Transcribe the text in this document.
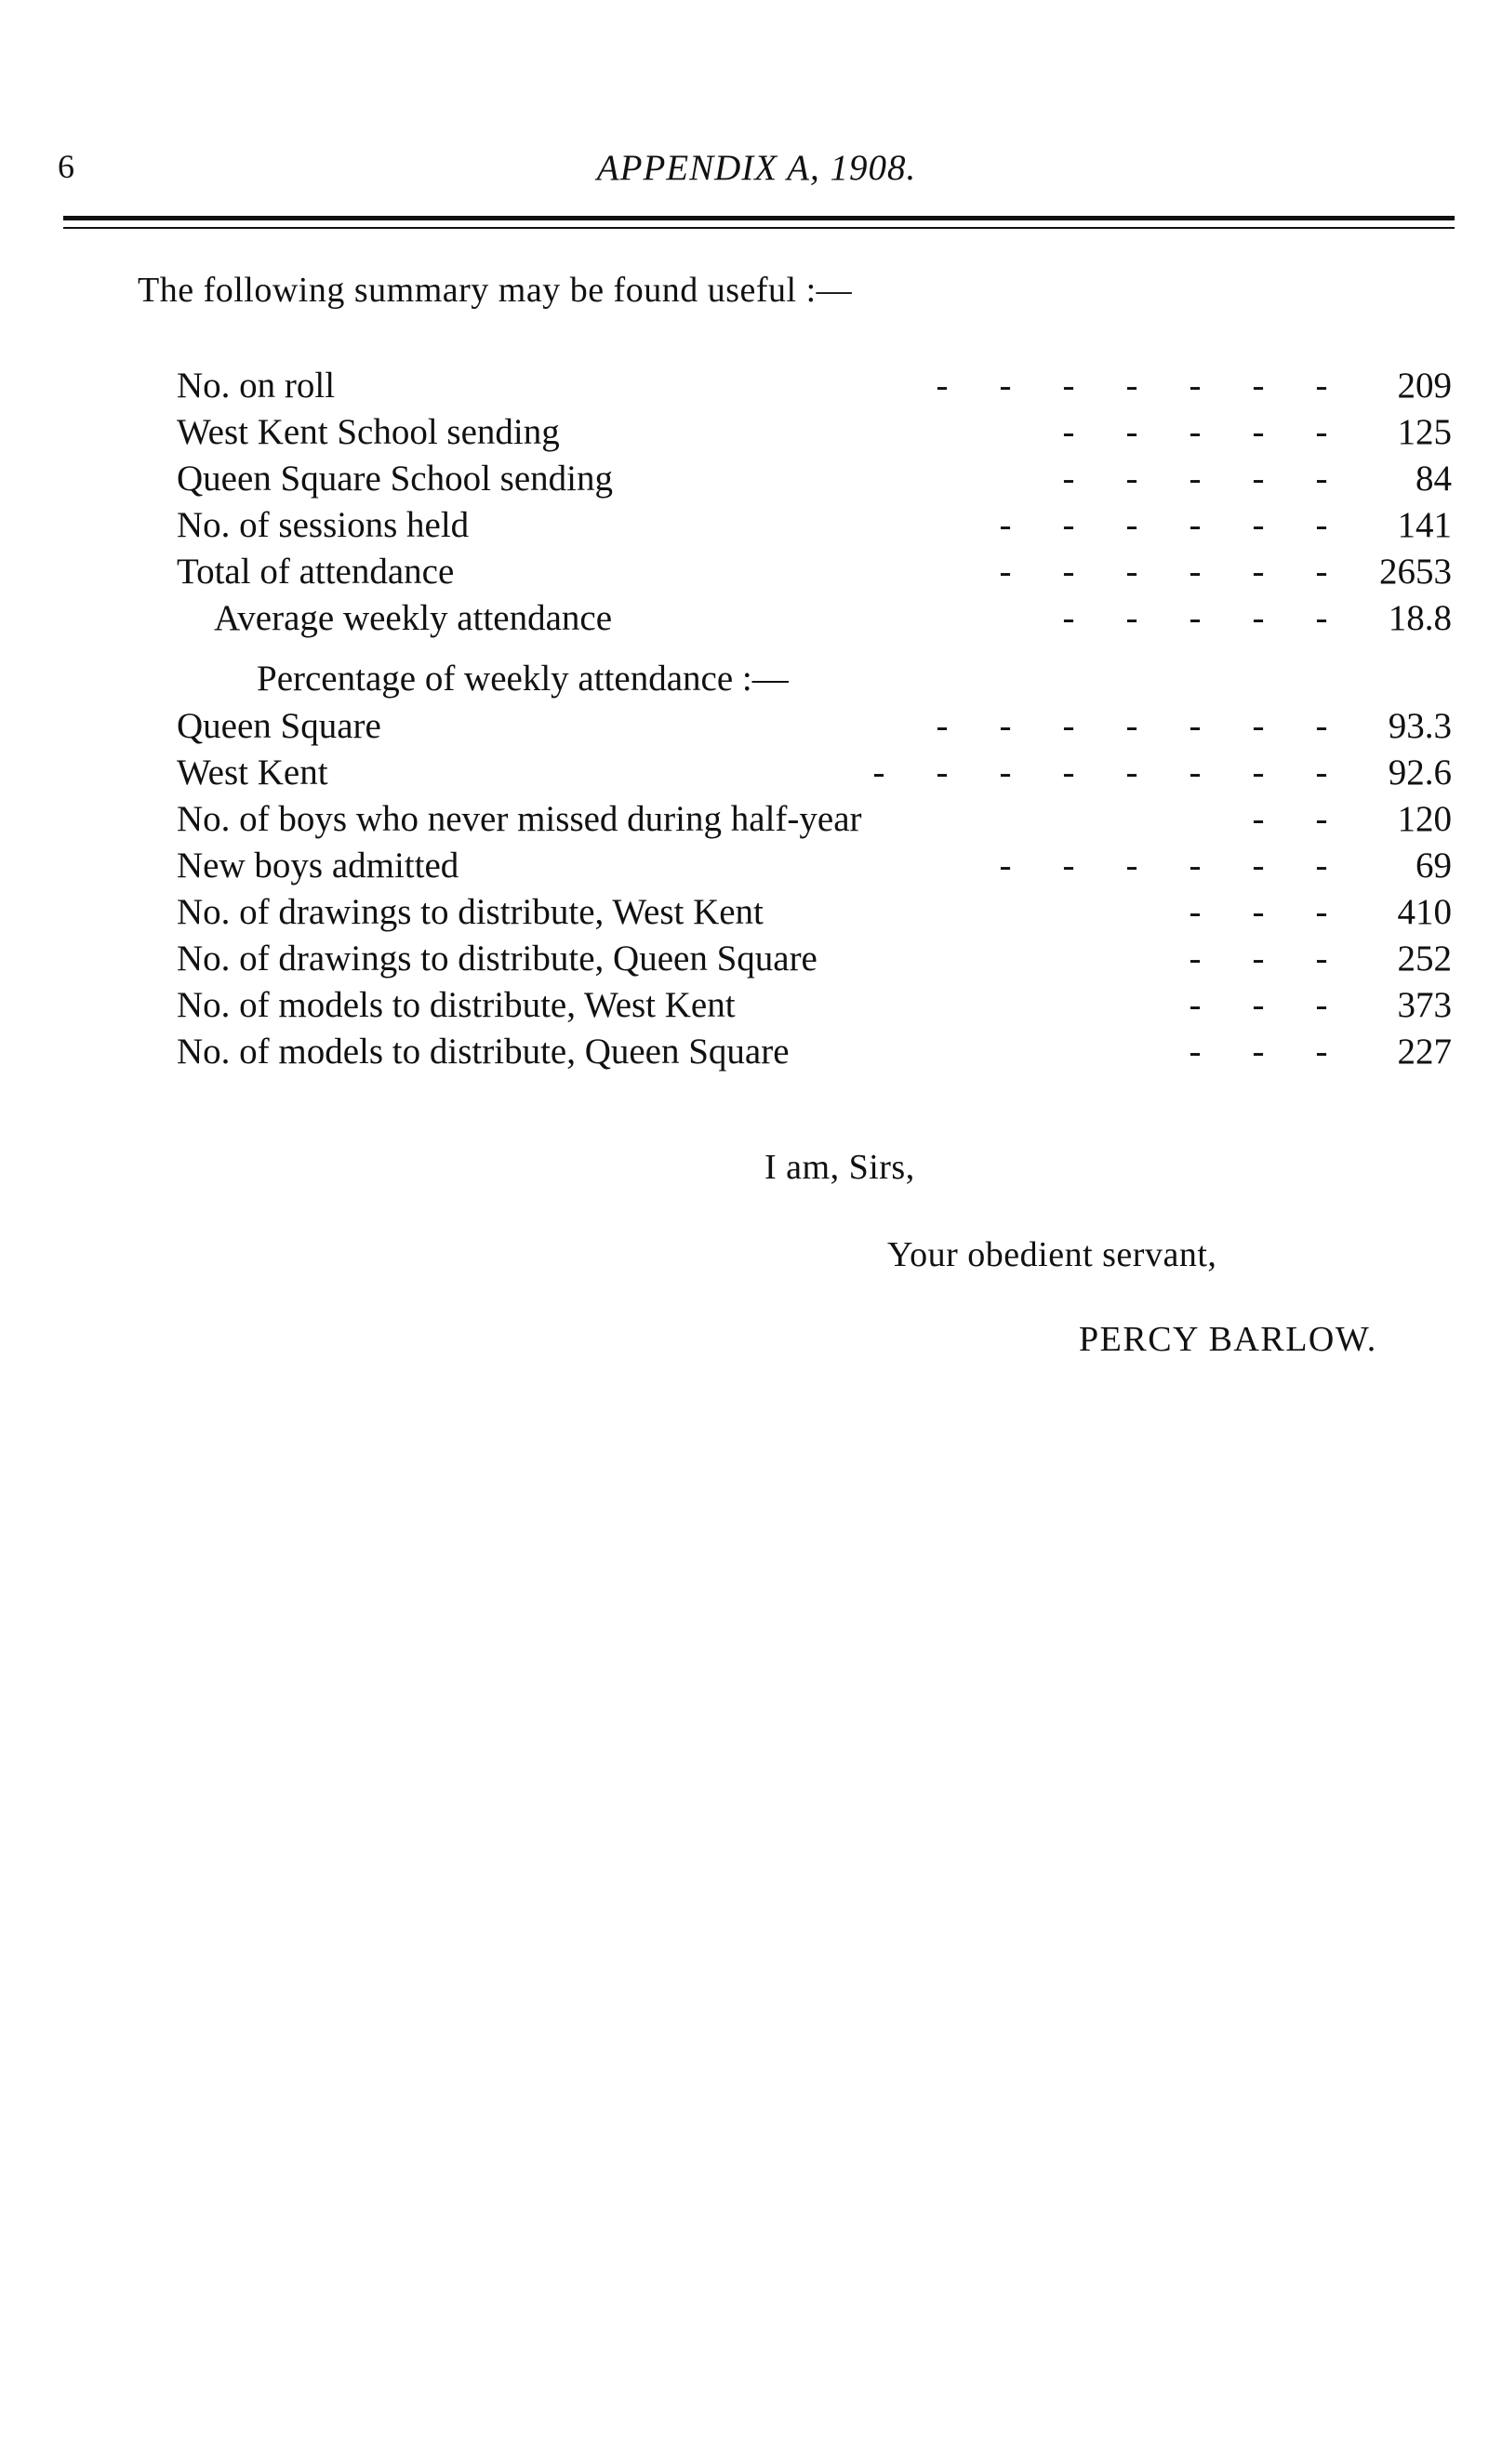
6	APPENDIX A, 1908.
The following summary may be found useful :—
No. on roll	- - - - - - -	209
West Kent School sending	- - - - -	125
Queen Square School sending	- - - - -	84
No. of sessions held	- - - - - -	141
Total of attendance	- - - - - -	2653
Average weekly attendance	- - - - -	18.8
Percentage of weekly attendance :—
Queen Square	- - - - - - -	93.3
West Kent	- - - - - - - -	92.6
No. of boys who never missed during half-year	- -	120
New boys admitted	- - - - - -	69
No. of drawings to distribute, West Kent	- - -	410
No. of drawings to distribute, Queen Square	- - -	252
No. of models to distribute, West Kent	- - -	373
No. of models to distribute, Queen Square	- - -	227
I am, Sirs,
Your obedient servant,
PERCY BARLOW.
